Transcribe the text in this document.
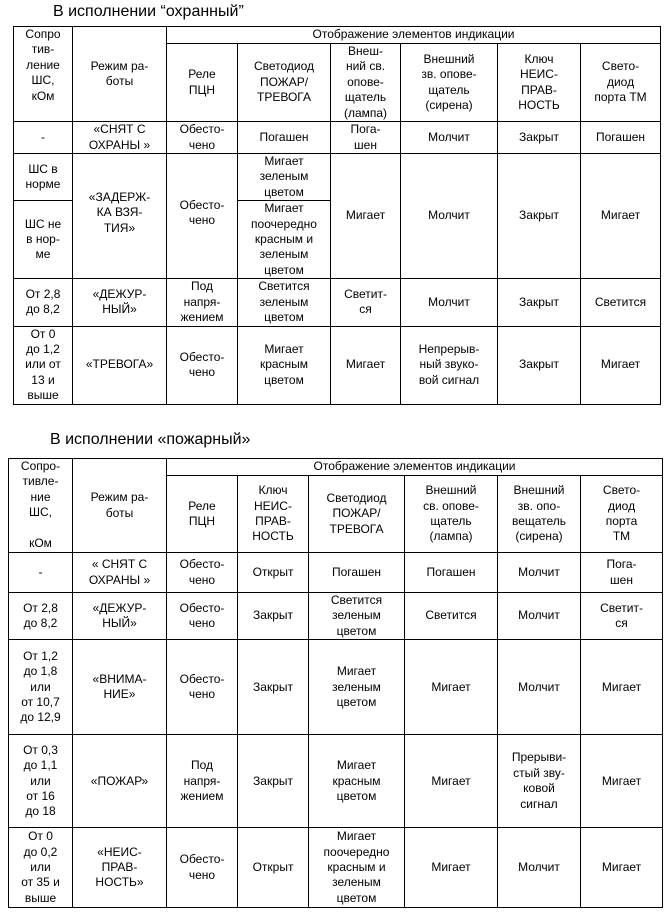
В исполнении “охранный”
Сопро
тив-
ление
ШС,
кОм	Режим ра-
боты	Отображение элементов индикации					
		Реле
ПЦН	Светодиод
ПОЖАР/
ТРЕВОГА	Внеш-
ний св.
опове-
щатель
(лампа)	Внешний
зв. опове-
щатель
(сирена)	Ключ
НЕИС-
ПРАВ-
НОСТЬ	Свето-
диод
порта ТМ
-	«СНЯТ С
ОХРАНЫ »	Обесто-
чено	Погашен	Пога-
шен	Молчит	Закрыт	Погашен
ШС в
норме	«ЗАДЕРЖ-
КА ВЗЯ-
ТИЯ»	Обесто-
чено	Мигает
зеленым
цветом	Мигает	Молчит	Закрыт	Мигает
ШС не
в нор-
ме			Мигает
поочередно
красным и
зеленым
цветом				
От 2,8
до 8,2	«ДЕЖУР-
НЫЙ»	Под
напря-
жением	Светится
зеленым
цветом	Светит-
ся	Молчит	Закрыт	Светится
От 0
до 1,2
или от
13 и
выше	«ТРЕВОГА»	Обесто-
чено	Мигает
красным
цветом	Мигает	Непрерыв-
ный звуко-
вой сигнал	Закрыт	Мигает
В исполнении «пожарный»
Сопро-
тивле-
ние
ШС,

кОм	Режим ра-
боты	Отображение элементов индикации					
		Реле
ПЦН	Ключ
НЕИС-
ПРАВ-
НОСТЬ	Светодиод
ПОЖАР/
ТРЕВОГА	Внешний
св. опове-
щатель
(лампа)	Внешний
зв. опо-
вещатель
(сирена)	Свето-
диод
порта
ТМ
-	« СНЯТ С
ОХРАНЫ »	Обесто-
чено	Открыт	Погашен	Погашен	Молчит	Пога-
шен
От 2,8
до 8,2	«ДЕЖУР-
НЫЙ»	Обесто-
чено	Закрыт	Светится
зеленым
цветом	Светится	Молчит	Светит-
ся
От 1,2
до 1,8
или
от 10,7
до 12,9	«ВНИМА-
НИЕ»	Обесто-
чено	Закрыт	Мигает
зеленым
цветом	Мигает	Молчит	Мигает
От 0,3
до 1,1
или
от 16
до 18	«ПОЖАР»	Под
напря-
жением	Закрыт	Мигает
красным
цветом	Мигает	Прерыви-
стый зву-
ковой
сигнал	Мигает
От 0
до 0,2
или
от 35 и
выше	«НЕИС-
ПРАВ-
НОСТЬ»	Обесто-
чено	Открыт	Мигает
поочередно
красным и
зеленым
цветом	Мигает	Молчит	Мигает
